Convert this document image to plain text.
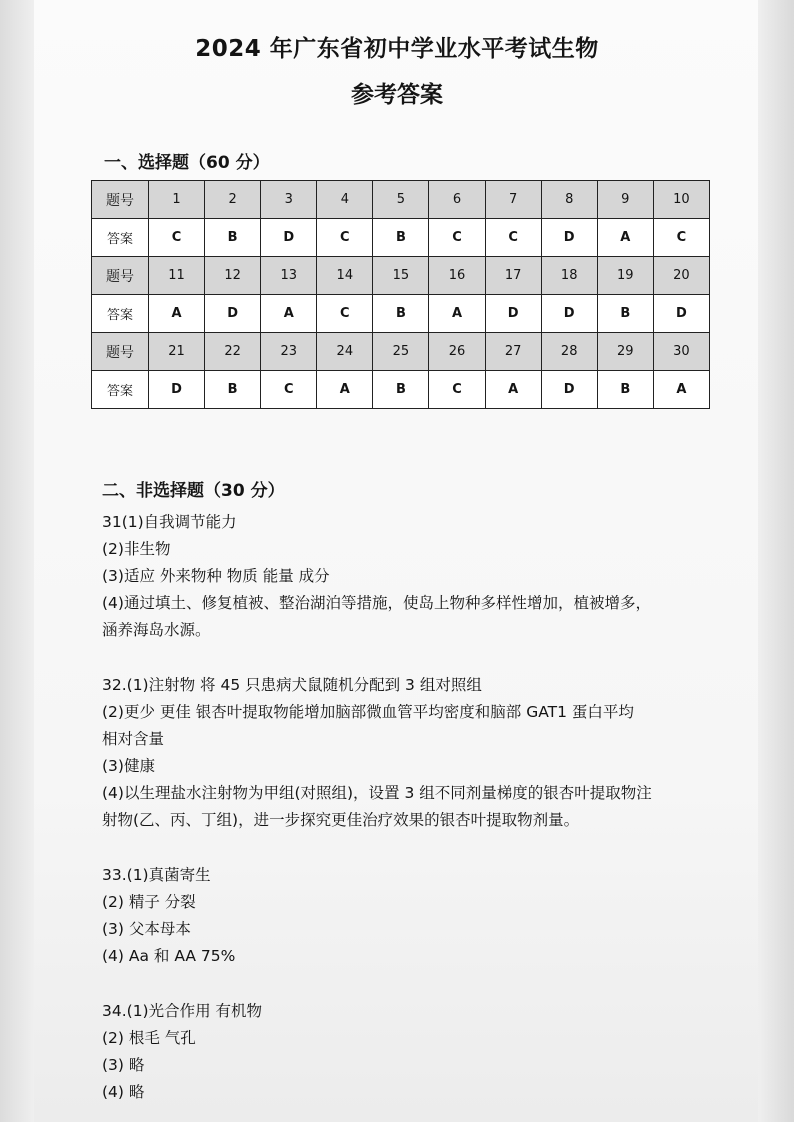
2024 年广东省初中学业水平考试生物
参考答案
一、选择题（60 分）
题号	1	2	3	4	5	6	7	8	9	10
答案	C	B	D	C	B	C	C	D	A	C
题号	11	12	13	14	15	16	17	18	19	20
答案	A	D	A	C	B	A	D	D	B	D
题号	21	22	23	24	25	26	27	28	29	30
答案	D	B	C	A	B	C	A	D	B	A
二、非选择题（30 分）
31(1)自我调节能力
(2)非生物
(3)适应 外来物种 物质 能量 成分
(4)通过填土、修复植被、整治湖泊等措施，使岛上物种多样性增加，植被增多，
涵养海岛水源。
32.(1)注射物 将 45 只患病犬鼠随机分配到 3 组对照组
(2)更少 更佳 银杏叶提取物能增加脑部微血管平均密度和脑部 GAT1 蛋白平均
相对含量
(3)健康
(4)以生理盐水注射物为甲组(对照组)，设置 3 组不同剂量梯度的银杏叶提取物注
射物(乙、丙、丁组)，进一步探究更佳治疗效果的银杏叶提取物剂量。
33.(1)真菌寄生
(2) 精子 分裂
(3) 父本母本
(4) Aa 和 AA 75%
34.(1)光合作用 有机物
(2) 根毛 气孔
(3) 略
(4) 略
